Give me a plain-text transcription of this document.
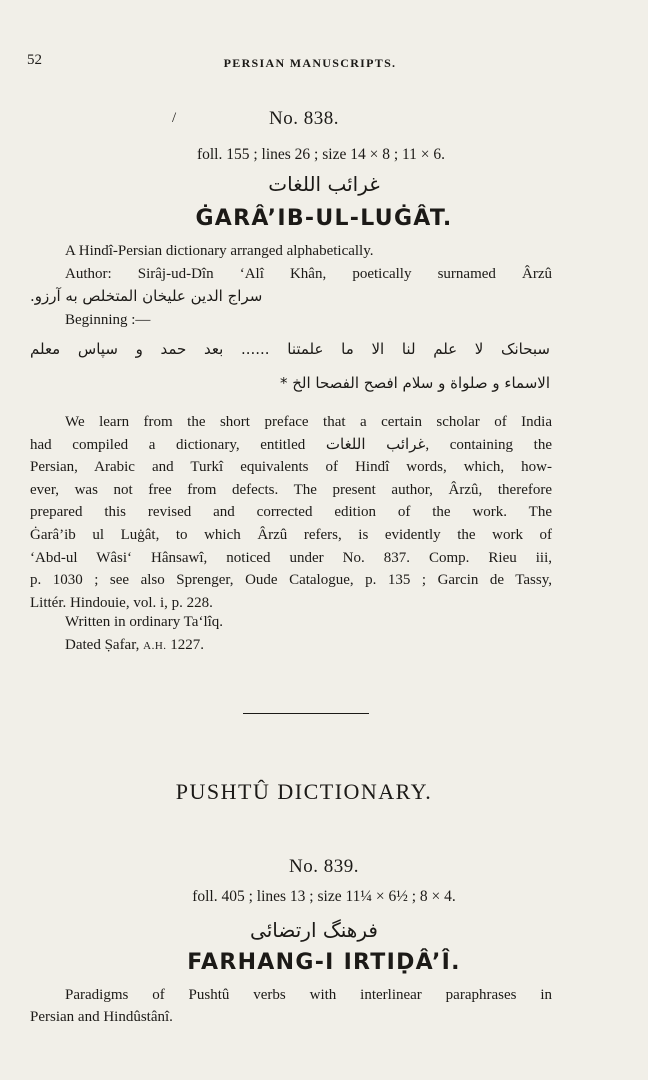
52	PERSIAN MANUSCRIPTS.
/	No. 838.
foll. 155 ; lines 26 ; size 14 × 8 ; 11 × 6.
غرائب اللغات
ĠARÂ’IB-UL-LUĠÂT.
A Hindî-Persian dictionary arranged alphabetically.
Author: Sirâj-ud-Dîn ‘Alî Khân, poetically surnamed Ârzû
سراج الدين عليخان المتخلص به آرزو.
Beginning :—
سبحانک لا علم لنا الا ما علمتنا ...... بعد حمد و سپاس معلم
الاسماء و صلواة و سلام افصح الفصحا الخ *
We learn from the short preface that a certain scholar of India
had compiled a dictionary, entitled غرائب اللغات, containing the
Persian, Arabic and Turkî equivalents of Hindî words, which, how-
ever, was not free from defects. The present author, Ârzû, therefore
prepared this revised and corrected edition of the work. The
Ġarâ’ib ul Luġât, to which Ârzû refers, is evidently the work of
‘Abd-ul Wâsi‘ Hânsawî, noticed under No. 837. Comp. Rieu iii,
p. 1030 ; see also Sprenger, Oude Catalogue, p. 135 ; Garcin de Tassy,
Littér. Hindouie, vol. i, p. 228.
Written in ordinary Ta‘lîq.
Dated Ṣafar, A.H. 1227.
PUSHTÛ DICTIONARY.
No. 839.
foll. 405 ; lines 13 ; size 11¼ × 6½ ; 8 × 4.
فرهنگ ارتضائی
FARHANG-I IRTIḌÂ’Î.
Paradigms of Pushtû verbs with interlinear paraphrases in
Persian and Hindûstânî.
